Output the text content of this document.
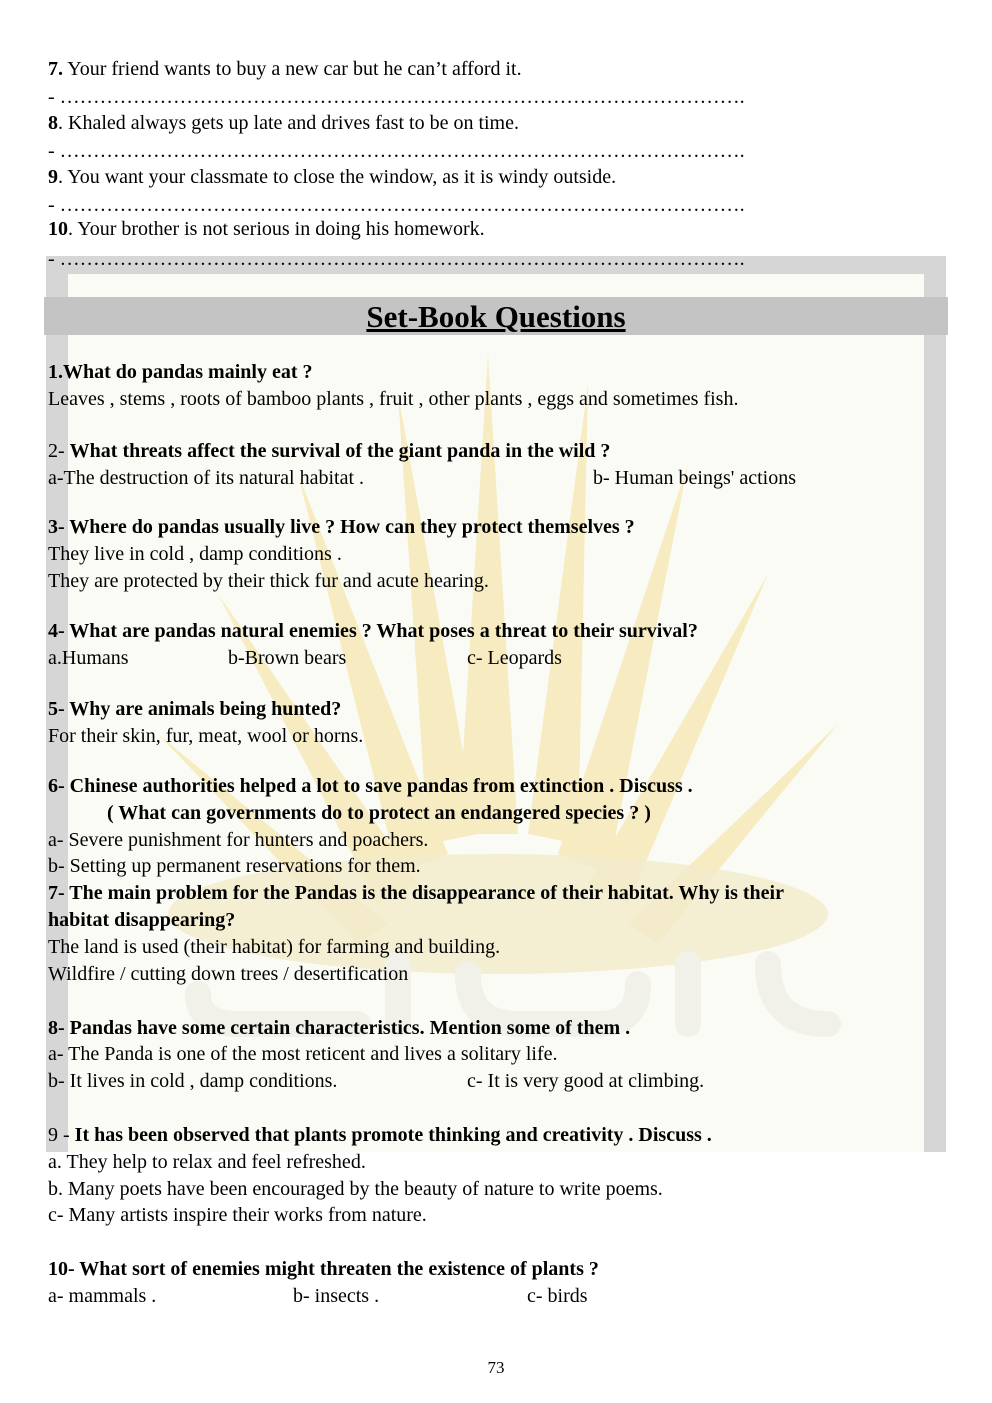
7. Your friend wants to buy a new car but he can’t afford it.
- ………………………………………………………………………………………….
8. Khaled always gets up late and drives fast to be on time.
- ………………………………………………………………………………………….
9. You want your classmate to close the window, as it is windy outside.
- ………………………………………………………………………………………….
10. Your brother is not serious in doing his homework.
- ………………………………………………………………………………………….
Set-Book Questions
1.What do pandas mainly eat ?
Leaves , stems , roots of bamboo plants , fruit , other plants , eggs and sometimes fish.
2- What threats affect the survival of the giant panda in the wild ?
a-The destruction of its natural habitat .	b- Human beings' actions
3- Where do pandas usually live ? How can they protect themselves ?
They live in cold , damp conditions .
They are protected by their thick fur and acute hearing.
4- What are pandas natural enemies ? What poses a threat to their survival?
a.Humans	b-Brown bears	c- Leopards
5- Why are animals being hunted?
For their skin, fur, meat, wool or horns.
6- Chinese authorities helped a lot to save pandas from extinction . Discuss .
( What can governments do to protect an endangered species ? )
a- Severe punishment for hunters and poachers.
b- Setting up permanent reservations for them.
7- The main problem for the Pandas is the disappearance of their habitat. Why is their
habitat disappearing?
The land is used (their habitat) for farming and building.
Wildfire / cutting down trees / desertification
8- Pandas have some certain characteristics. Mention some of them .
a- The Panda is one of the most reticent and lives a solitary life.
b- It lives in cold , damp conditions.	c- It is very good at climbing.
9 - It has been observed that plants promote thinking and creativity . Discuss .
a. They help to relax and feel refreshed.
b. Many poets have been encouraged by the beauty of nature to write poems.
c- Many artists inspire their works from nature.
10- What sort of enemies might threaten the existence of plants ?
a- mammals .	b- insects .	c- birds
73
